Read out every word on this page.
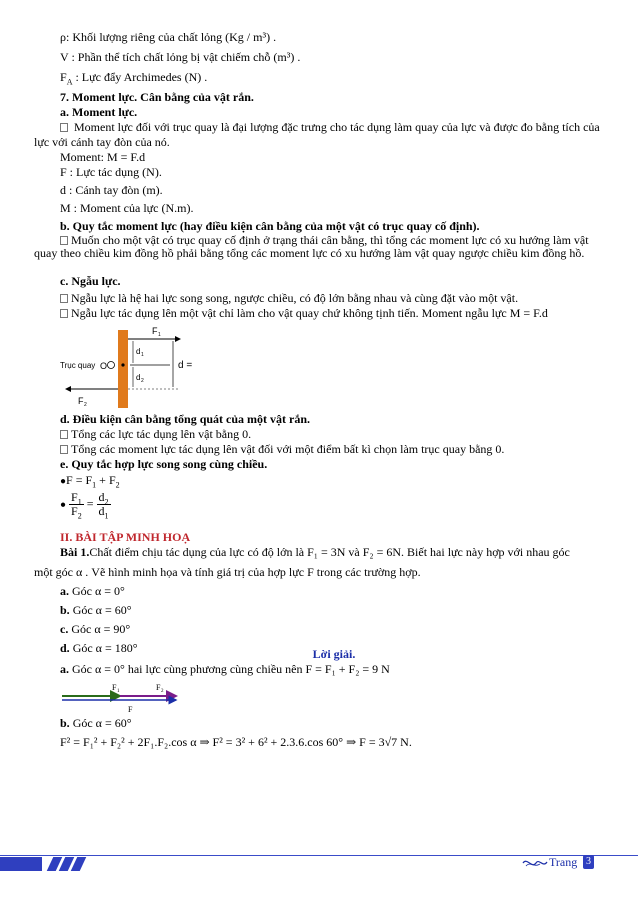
ρ: Khối lượng riêng của chất lỏng (Kg / m³) .
V : Phần thể tích chất lỏng bị vật chiếm chỗ (m³) .
$F_A$ : Lực đẩy Archimedes (N) .
7. Moment lực. Cân bằng của vật rắn.
a. Moment lực.
Moment lực đối với trục quay là đại lượng đặc trưng cho tác dụng làm quay của lực và được đo bằng tích của lực với cánh tay đòn của nó.
Moment: M = F.d
F : Lực tác dụng (N).
d : Cánh tay đòn (m).
M : Moment của lực (N.m).
b. Quy tắc moment lực (hay điều kiện cân bằng của một vật có trục quay cố định).
Muốn cho một vật có trục quay cố định ở trạng thái cân bằng, thì tổng các moment lực có xu hướng làm vật quay theo chiều kim đồng hồ phải bằng tổng các moment lực có xu hướng làm vật quay ngược chiều kim đồng hồ.
c. Ngẫu lực.
Ngẫu lực là hệ hai lực song song, ngược chiều, có độ lớn bằng nhau và cùng đặt vào một vật.
Ngẫu lực tác dụng lên một vật chỉ làm cho vật quay chứ không tịnh tiến. Moment ngẫu lực M = F.d
Trục quay O	d =
d 1
d 2
F 1
F 2
d. Điều kiện cân bằng tổng quát của một vật rắn.
Tổng các lực tác dụng lên vật bằng 0.
Tổng các moment lực tác dụng lên vật đối với một điểm bất kì chọn làm trục quay bằng 0.
e. Quy tắc hợp lực song song cùng chiều.
●F = $F_1 + F_2$
● $\frac{F_1}{F_2} = \frac{d_2}{d_1}$
II. BÀI TẬP MINH HOẠ
Bài 1.Chất điểm chịu tác dụng của lực có độ lớn là F₁ = 3N và F₂ = 6N. Biết hai lực này hợp với nhau góc
một góc α . Vẽ hình minh họa và tính giá trị của hợp lực F trong các trường hợp.
a. Góc α = 0°
b. Góc α = 60°
c. Góc α = 90°
d. Góc α = 180°	Lời giải.
a. Góc α = 0° hai lực cùng phương cùng chiều nên F = F₁ + F₂ = 9 N
F 1	F 2
F
b. Góc α = 60°
F² = F₁² + F₂² + 2F₁.F₂.cos α ⇒ F² = 3² + 6² + 2.3.6.cos 60° ⇒ F = 3√7 N.
Trang 3
